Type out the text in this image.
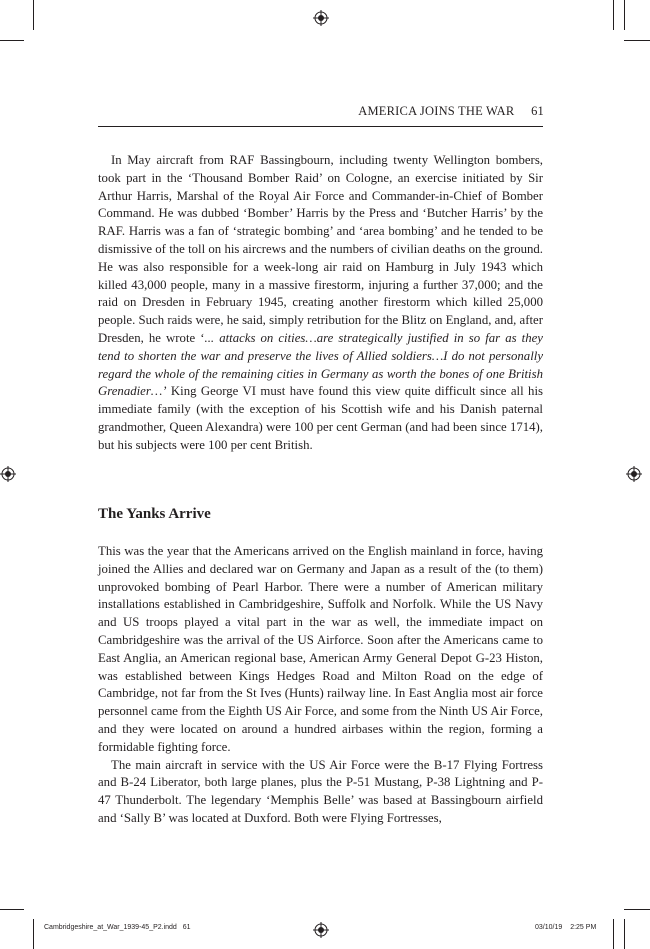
AMERICA JOINS THE WAR 61

In May aircraft from RAF Bassingbourn, including twenty Wellington bombers, took part in the ‘Thousand Bomber Raid’ on Cologne, an exercise initiated by Sir Arthur Harris, Marshal of the Royal Air Force and Commander-in-Chief of Bomber Command. He was dubbed ‘Bomber’ Harris by the Press and ‘Butcher Harris’ by the RAF. Harris was a fan of ‘strategic bombing’ and ‘area bombing’ and he tended to be dismissive of the toll on his aircrews and the numbers of civilian deaths on the ground. He was also responsible for a week-long air raid on Hamburg in July 1943 which killed 43,000 people, many in a massive firestorm, injuring a further 37,000; and the raid on Dresden in February 1945, creating another firestorm which killed 25,000 people. Such raids were, he said, simply retribution for the Blitz on England, and, after Dresden, he wrote ‘... attacks on cities…are strategically justified in so far as they tend to shorten the war and preserve the lives of Allied soldiers…I do not personally regard the whole of the remaining cities in Germany as worth the bones of one British Grenadier…’ King George VI must have found this view quite difficult since all his immediate family (with the exception of his Scottish wife and his Danish paternal grandmother, Queen Alexandra) were 100 per cent German (and had been since 1714), but his subjects were 100 per cent British.

The Yanks Arrive

This was the year that the Americans arrived on the English mainland in force, having joined the Allies and declared war on Germany and Japan as a result of the (to them) unprovoked bombing of Pearl Harbor. There were a number of American military installations established in Cambridgeshire, Suffolk and Norfolk. While the US Navy and US troops played a vital part in the war as well, the immediate impact on Cambridgeshire was the arrival of the US Airforce. Soon after the Americans came to East Anglia, an American regional base, American Army General Depot G-23 Histon, was established between Kings Hedges Road and Milton Road on the edge of Cambridge, not far from the St Ives (Hunts) railway line. In East Anglia most air force personnel came from the Eighth US Air Force, and some from the Ninth US Air Force, and they were located on around a hundred airbases within the region, forming a formidable fighting force.

The main aircraft in service with the US Air Force were the B-17 Flying Fortress and B-24 Liberator, both large planes, plus the P-51 Mustang, P-38 Lightning and P-47 Thunderbolt. The legendary ‘Memphis Belle’ was based at Bassingbourn airfield and ‘Sally B’ was located at Duxford. Both were Flying Fortresses,

Cambridgeshire_at_War_1939-45_P2.indd 61	03/10/19 2:25 PM
